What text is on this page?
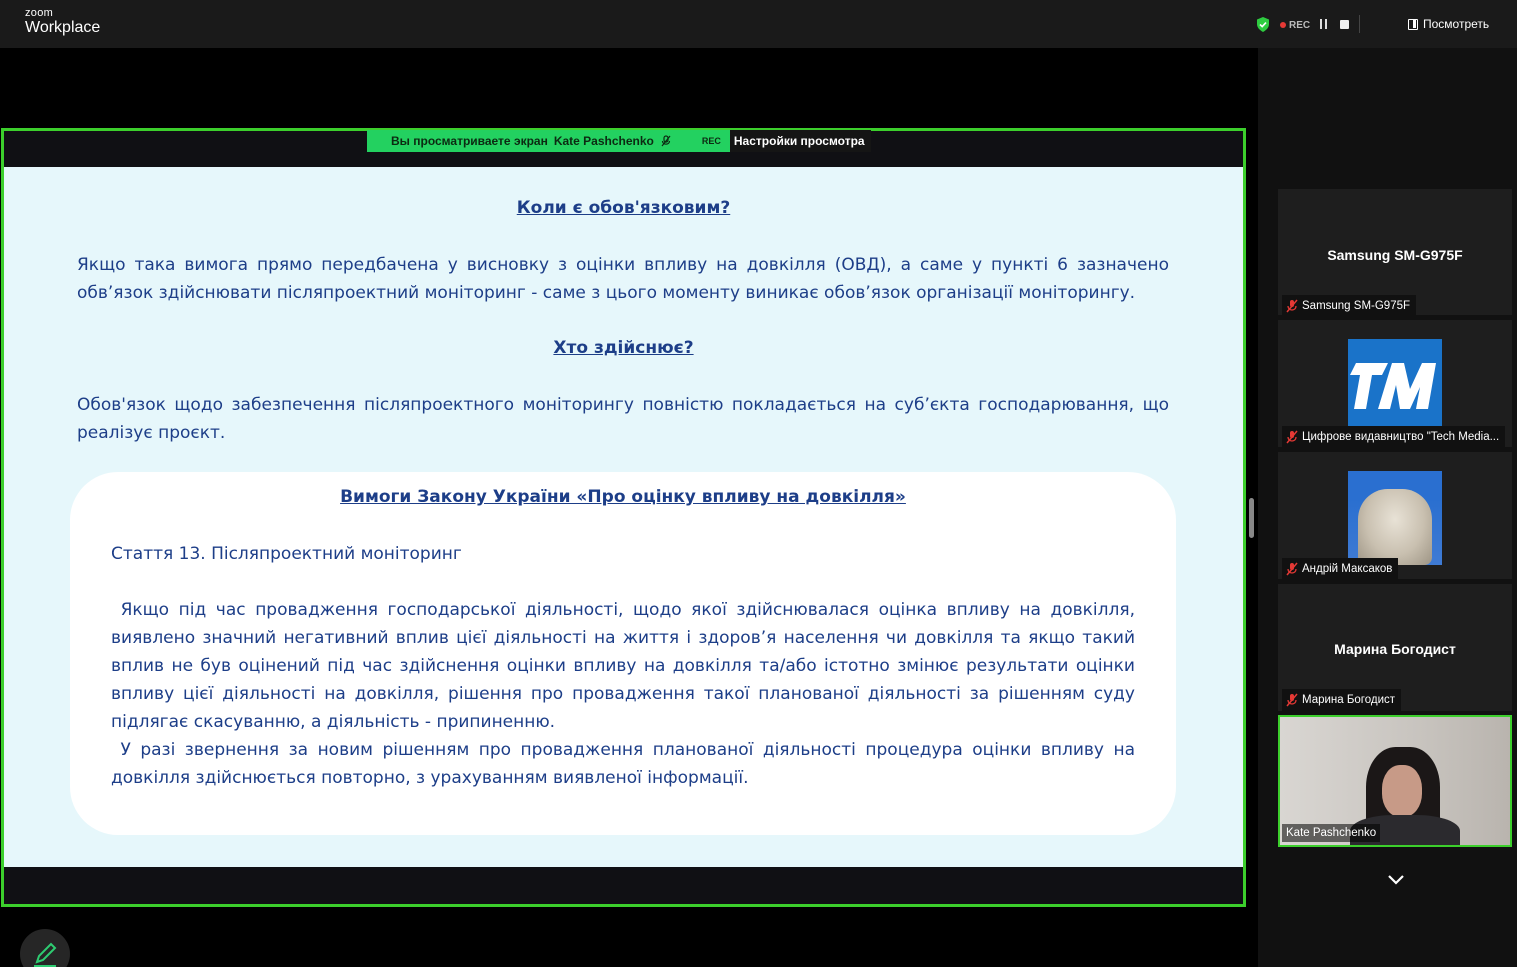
zoom
Workplace	REC	Посмотреть
Вы просматриваете экран Kate Pashchenko	REC	Настройки просмотра
Коли є обов'язковим?
Якщо така вимога прямо передбачена у висновку з оцінки впливу на довкілля (ОВД), а саме у пункті 6 зазначено обв’язок здійснювати післяпроектний моніторинг - саме з цього моменту виникає обов’язок організації моніторингу.
Хто здійснює?
Обов'язок щодо забезпечення післяпроектного моніторингу повністю покладається на суб’єкта господарювання, що реалізує проєкт.
Вимоги Закону України «Про оцінку впливу на довкілля»
Стаття 13. Післяпроектний моніторинг
Якщо під час провадження господарської діяльності, щодо якої здійснювалася оцінка впливу на довкілля, виявлено значний негативний вплив цієї діяльності на життя і здоров’я населення чи довкілля та якщо такий вплив не був оцінений під час здійснення оцінки впливу на довкілля та/або істотно змінює результати оцінки впливу цієї діяльності на довкілля, рішення про провадження такої планованої діяльності за рішенням суду підлягає скасуванню, а діяльність - припиненню.
У разі звернення за новим рішенням про провадження планованої діяльності процедура оцінки впливу на довкілля здійснюється повторно, з урахуванням виявленої інформації.
Samsung SM-G975F
Samsung SM-G975F
Цифрове видавництво "Tech Media...
Андрій Максаков
Марина Богодист
Марина Богодист
Kate Pashchenko
